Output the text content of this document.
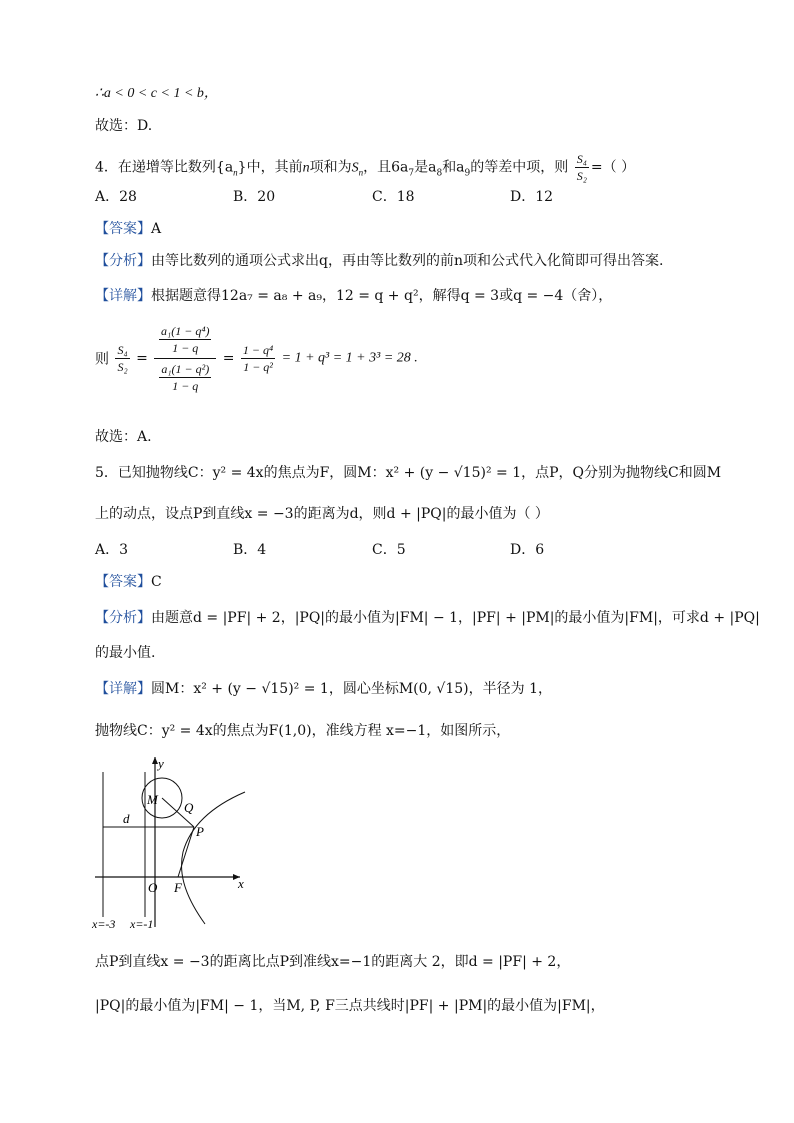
∴a < 0 < c < 1 < b，
故选：D.
4．在递增等比数列$\{a_n\}$中，其前n项和为$S_n$，且$6a_7$是$a_8$和$a_9$的等差中项，则 $\frac{\text{S₄}}{\text{S₂}}$ =（ ）
A．28	B．20	C．18	D．12
【答案】A
【分析】由等比数列的通项公式求出q，再由等比数列的前n项和公式代入化简即可得出答案.
【详解】根据题意得12a₇ = a₈ + a₉，12 = q + q²，解得q = 3或q = −4（舍），
则 $\frac{\text{S₄}}{\text{S₂}} = \frac{\frac{\text{a₁(1 − q⁴)}}{1 - q}}{\frac{\text{a₁(1 − q²)}}{1 - q}} = \frac{\text{1 − q⁴}}{\text{1 − q²}} = 1 + q^3 = 1 + 3^3 = 28$ .
故选：A.
5．已知抛物线C：y² = 4x的焦点为F，圆M：x² + (y − √15)² = 1，点P，Q分别为抛物线C和圆M
上的动点，设点P到直线x = −3的距离为d，则d + |PQ|的最小值为（ ）
A．3	B．4	C．5	D．6
【答案】C
【分析】由题意d = |PF| + 2，|PQ|的最小值为|FM| − 1，|PF| + |PM|的最小值为|FM|，可求d + |PQ|
的最小值.
【详解】圆M：x² + (y − √15)² = 1，圆心坐标M(0, √15)，半径为 1，
抛物线C：y² = 4x的焦点为F(1,0)，准线方程 x=−1，如图所示，
y
x
M
Q
P
d
O F
x=-3 x=-1
点P到直线x = −3的距离比点P到准线x=−1的距离大 2，即d = |PF| + 2，
|PQ|的最小值为|FM| − 1，当M, P, F三点共线时|PF| + |PM|的最小值为|FM|，
